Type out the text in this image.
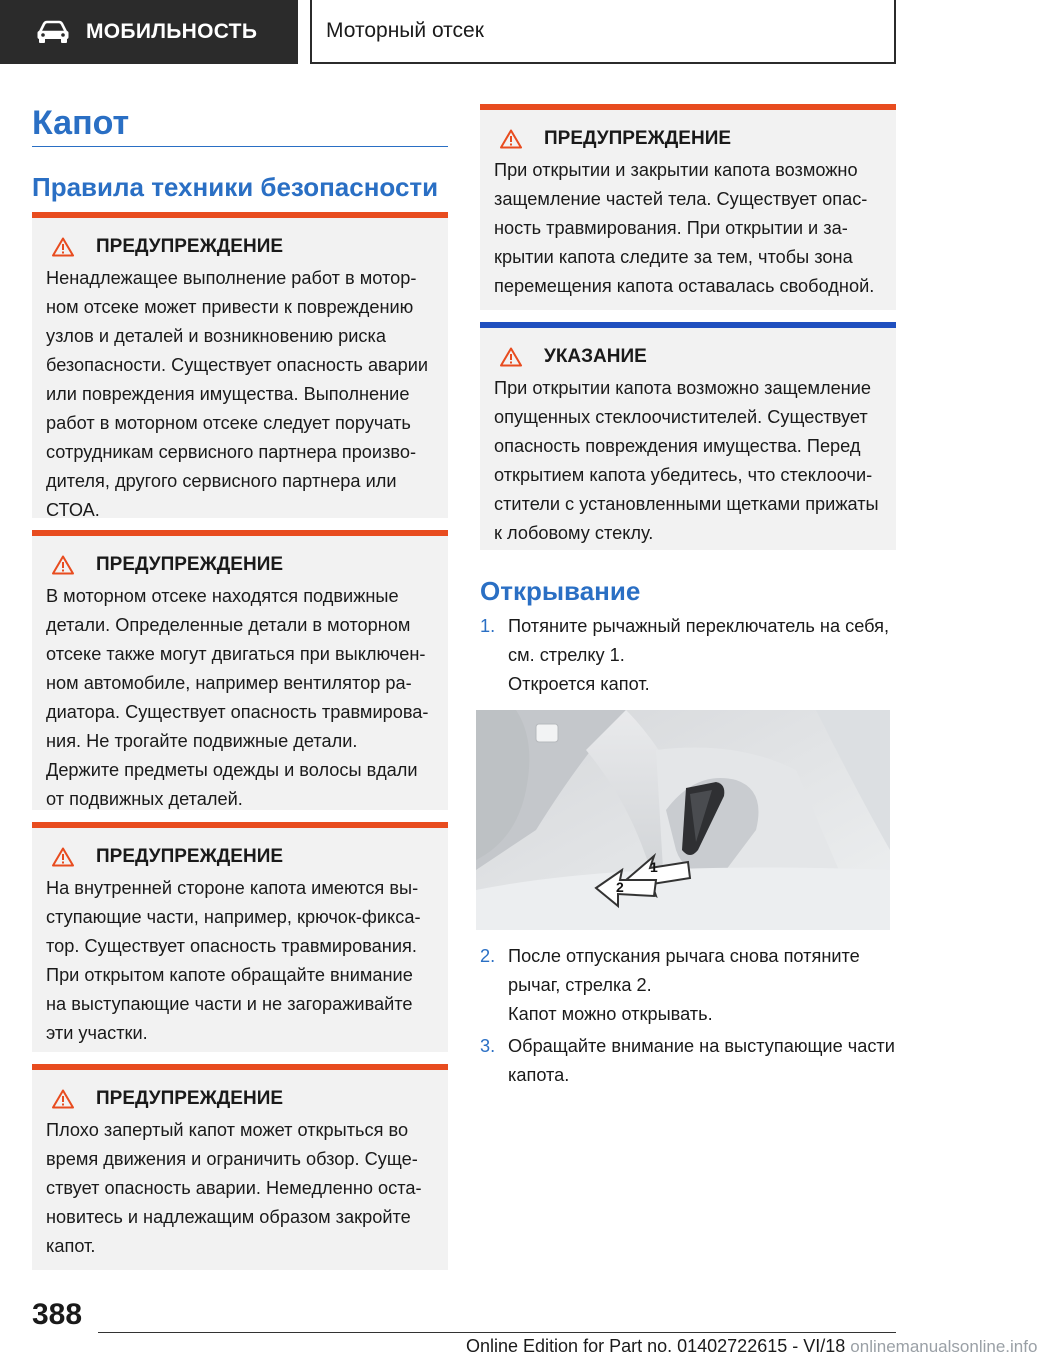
МОБИЛЬНОСТЬ	Моторный отсек
Капот
Правила техники безопасности
ПРЕДУПРЕЖДЕНИЕ
Ненадлежащее выполнение работ в моторном отсеке может привести к повреждению узлов и деталей и возникновению риска безопасности. Существует опасность аварии или повреждения имущества. Выполнение работ в моторном отсеке следует поручать сотрудникам сервисного партнера производителя, другого сервисного партнера или СТОА.
ПРЕДУПРЕЖДЕНИЕ
В моторном отсеке находятся подвижные детали. Определенные детали в моторном отсеке также могут двигаться при выключенном автомобиле, например вентилятор радиатора. Существует опасность травмирования. Не трогайте подвижные детали. Держите предметы одежды и волосы вдали от подвижных деталей.
ПРЕДУПРЕЖДЕНИЕ
На внутренней стороне капота имеются выступающие части, например, крючок-фиксатор. Существует опасность травмирования. При открытом капоте обращайте внимание на выступающие части и не загораживайте эти участки.
ПРЕДУПРЕЖДЕНИЕ
Плохо запертый капот может открыться во время движения и ограничить обзор. Существует опасность аварии. Немедленно остановитесь и надлежащим образом закройте капот.
ПРЕДУПРЕЖДЕНИЕ
При открытии и закрытии капота возможно защемление частей тела. Существует опасность травмирования. При открытии и закрытии капота следите за тем, чтобы зона перемещения капота оставалась свободной.
УКАЗАНИЕ
При открытии капота возможно защемление опущенных стеклоочистителей. Существует опасность повреждения имущества. Перед открытием капота убедитесь, что стеклоочистители с установленными щетками прижаты к лобовому стеклу.
Открывание
1. Потяните рычажный переключатель на себя, см. стрелку 1.
Откроется капот.
1
2
2. После отпускания рычага снова потяните рычаг, стрелка 2.
Капот можно открывать.
3. Обращайте внимание на выступающие части капота.
388
Online Edition for Part no. 01402722615 - VI/18 onlinemanualsonline.info
